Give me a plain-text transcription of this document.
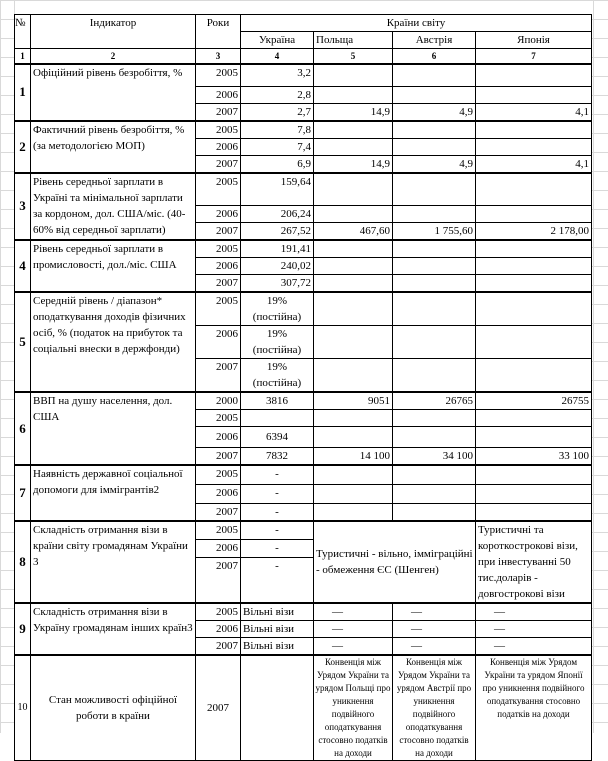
№	Індикатор	Роки	Країни світу			
			Україна	Польща	Австрія	Японія
1	2	3	4	5	6	7
1	Офіційний рівень безробіття, %	2005	3,2			
		2006	2,8			
		2007	2,7	14,9	4,9	4,1
2	Фактичний рівень безробіття, % (за методологією МОП)	2005	7,8			
		2006	7,4			
		2007	6,9	14,9	4,9	4,1
3	Рівень середньої зарплати в Україні та мінімальної зарплати за кордоном, дол. США/міс. (40-60% від середньої зарплати)	2005	159,64			
		2006	206,24			
		2007	267,52	467,60	1 755,60	2 178,00
4	Рівень середньої зарплати в промисловості, дол./міс. США	2005	191,41			
		2006	240,02			
		2007	307,72			
5	Середній рівень / діапазон* оподаткування доходів фізичних осіб, % (податок на прибуток та соціальні внески в держфонди)	2005	19% (постійна)			
		2006	19% (постійна)			
		2007	19% (постійна)			
6	ВВП на душу населення, дол. США	2000	3816	9051	26765	26755
		2005				
		2006	6394			
		2007	7832	14 100	34 100	33 100
7	Наявність державної соціальної допомоги для іммігрантів2	2005	-			
		2006	-			
		2007	-			
8	Складність отримання візи в країни світу громадянам України 3	2005	-	Туристичні - вільно, імміграційні - обмеження ЄС (Шенген)		Туристичні та короткострокові візи, при інвестуванні 50 тис.доларів - довгострокові візи
		2006	-			
		2007	-			
9	Складність отримання візи в Україну громадянам інших країн3	2005	Вільні візи	—	—	—
		2006	Вільні візи	—	—	—
		2007	Вільні візи	—	—	—
10	Стан можливості офіційної роботи в країни	2007		Конвенція між Урядом України та урядом Польщі про уникнення подвійного оподаткування стосовно податків на доходи	Конвенція між Урядом України та урядом Австрії про уникнення подвійного оподаткування стосовно податків на доходи	Конвенція між Урядом України та урядом Японії про уникнення подвійного оподаткування стосовно податків на доходи
